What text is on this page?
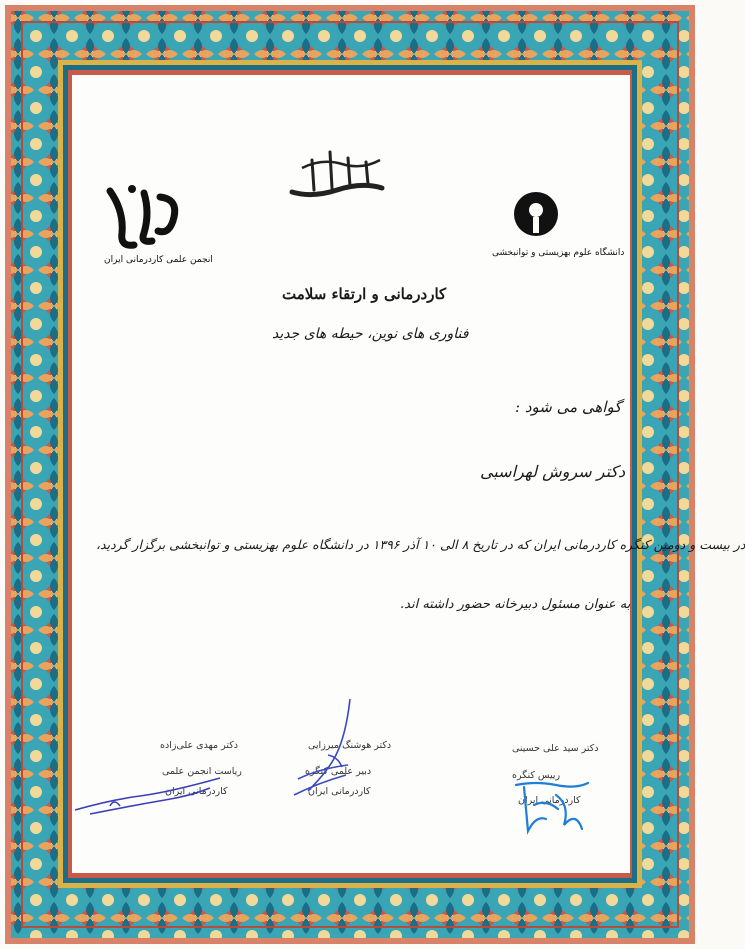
انجمن علمی کاردرمانی ایران
دانشگاه علوم بهزیستی و توانبخشی
کاردرمانی و ارتقاء سلامت
فناوری های نوین، حیطه های جدید
گواهی می شود :
دکتر سروش لهراسبی
در بیست و دومین کنگره کاردرمانی ایران که در تاریخ ۸ الی ۱۰ آذر ۱۳۹۶ در دانشگاه علوم بهزیستی و توانبخشی برگزار گردید،
به عنوان مسئول دبیرخانه حضور داشته اند.
دکتر مهدی علی‌زاده
ریاست انجمن علمی
کاردرمانی ایران
دکتر هوشنگ میرزایی
دبیر علمی کنگره
کاردرمانی ایران
دکتر سید علی حسینی
رییس کنگره
کاردرمانی ایران
